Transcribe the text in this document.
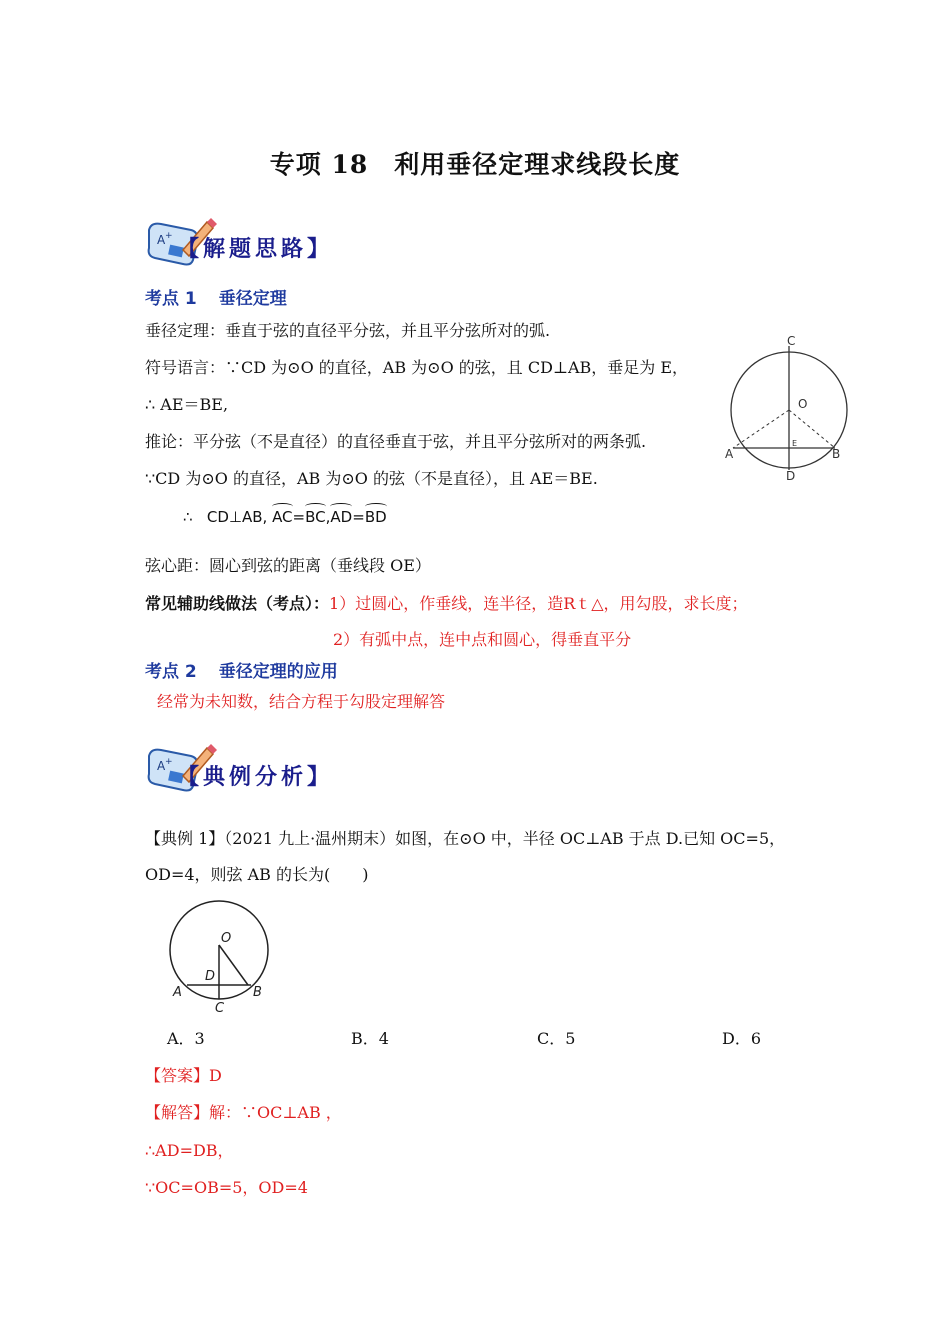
专项 18 利用垂径定理求线段长度
A +
【解题思路】
考点 1 垂径定理
垂径定理：垂直于弦的直径平分弦，并且平分弦所对的弧.
符号语言：∵CD 为⊙O 的直径，AB 为⊙O 的弦，且 CD⊥AB，垂足为 E，
∴ AE＝BE,
推论：平分弦（不是直径）的直径垂直于弦，并且平分弦所对的两条弧.
∵CD 为⊙O 的直径，AB 为⊙O 的弦（不是直径），且 AE＝BE.
∴ CD⊥AB, AC=
BC,
AD=
BD
弦心距：圆心到弦的距离（垂线段 OE）
常见辅助线做法（考点）：1）过圆心，作垂线，连半径，造Rｔ△，用勾股，求长度；
2）有弧中点，连中点和圆心，得垂直平分
C
O
E
A	B
D
考点 2 垂径定理的应用
经常为未知数，结合方程于勾股定理解答
A +
【典例分析】
【典例 1】（2021 九上·温州期末）如图，在⊙O 中，半径 OC⊥AB 于点 D.已知 OC=5，
OD=4，则弦 AB 的长为(　　)
O
D
A	B
C
A．3	B．4	C．5	D．6
【答案】D
【解答】解：∵OC⊥AB ，
∴AD=DB，
∵OC=OB=5，OD=4
